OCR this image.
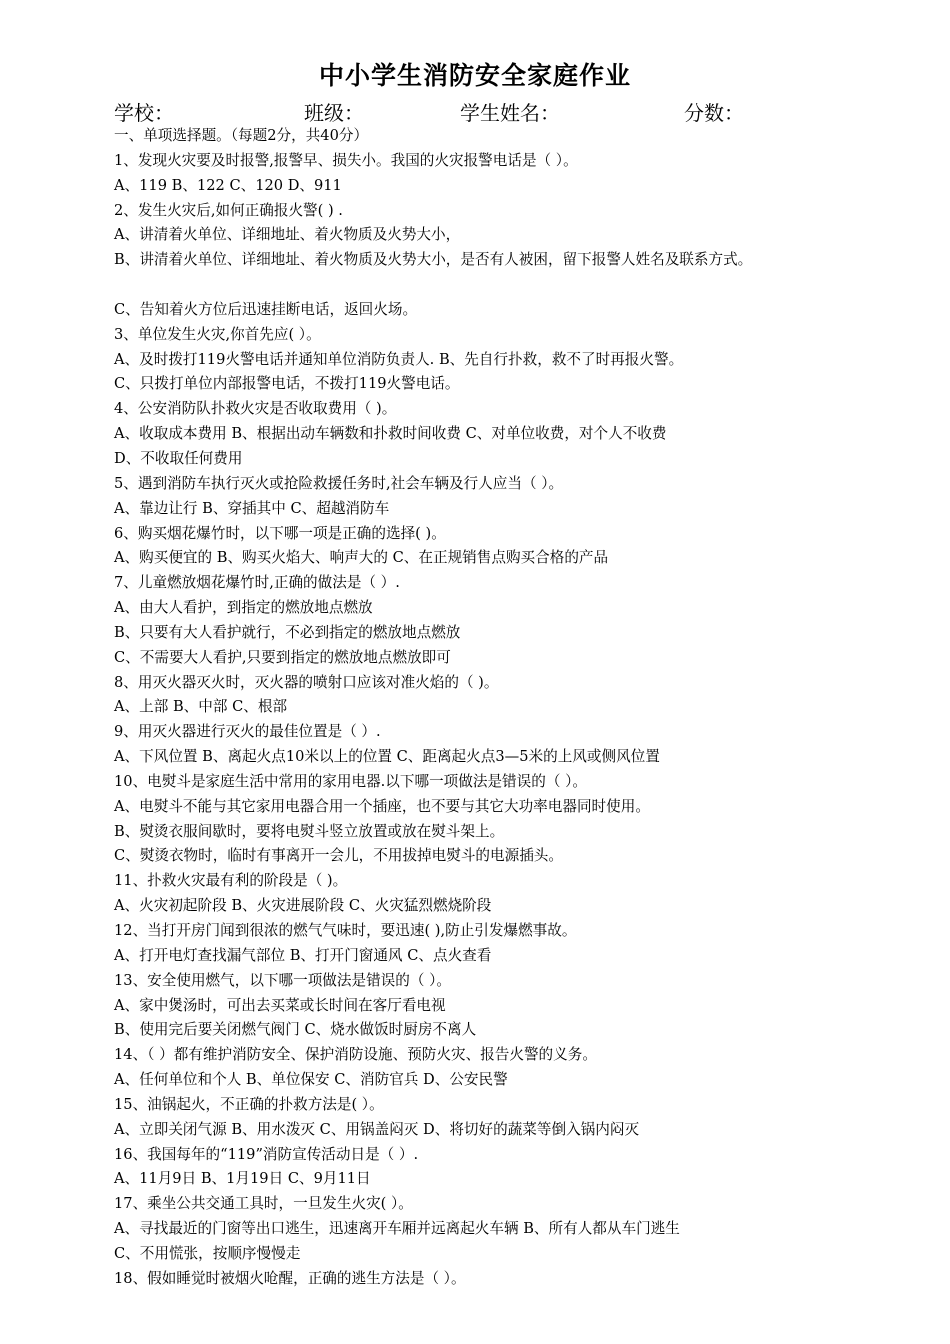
中小学生消防安全家庭作业
学校：	班级：	学生姓名：	分数：
一、单项选择题。（每题2分，共40分）
1、发现火灾要及时报警,报警早、损失小。我国的火灾报警电话是（ ）。
A、119 B、122 C、120 D、911
2、发生火灾后,如何正确报火警( ) .
A、讲清着火单位、详细地址、着火物质及火势大小，
B、讲清着火单位、详细地址、着火物质及火势大小，是否有人被困，留下报警人姓名及联系方式。
C、告知着火方位后迅速挂断电话，返回火场。
3、单位发生火灾,你首先应( ）。
A、及时拨打119火警电话并通知单位消防负责人. B、先自行扑救，救不了时再报火警。
C、只拨打单位内部报警电话，不拨打119火警电话。
4、公安消防队扑救火灾是否收取费用（ )。
A、收取成本费用 B、根据出动车辆数和扑救时间收费 C、对单位收费，对个人不收费
D、不收取任何费用
5、遇到消防车执行灭火或抢险救援任务时,社会车辆及行人应当（ ）。
A、靠边让行 B、穿插其中 C、超越消防车
6、购买烟花爆竹时，以下哪一项是正确的选择( )。
A、购买便宜的 B、购买火焰大、响声大的 C、在正规销售点购买合格的产品
7、儿童燃放烟花爆竹时,正确的做法是（ ）.
A、由大人看护，到指定的燃放地点燃放
B、只要有大人看护就行，不必到指定的燃放地点燃放
C、不需要大人看护,只要到指定的燃放地点燃放即可
8、用灭火器灭火时，灭火器的喷射口应该对准火焰的（ )。
A、上部 B、中部 C、根部
9、用灭火器进行灭火的最佳位置是（ ）.
A、下风位置 B、离起火点10米以上的位置 C、距离起火点3—5米的上风或侧风位置
10、电熨斗是家庭生活中常用的家用电器.以下哪一项做法是错误的（ ）。
A、电熨斗不能与其它家用电器合用一个插座，也不要与其它大功率电器同时使用。
B、熨烫衣服间歇时，要将电熨斗竖立放置或放在熨斗架上。
C、熨烫衣物时，临时有事离开一会儿，不用拔掉电熨斗的电源插头。
11、扑救火灾最有利的阶段是（ )。
A、火灾初起阶段 B、火灾进展阶段 C、火灾猛烈燃烧阶段
12、当打开房门闻到很浓的燃气气味时，要迅速( ),防止引发爆燃事故。
A、打开电灯查找漏气部位 B、打开门窗通风 C、点火查看
13、安全使用燃气，以下哪一项做法是错误的（ ）。
A、家中煲汤时，可出去买菜或长时间在客厅看电视
B、使用完后要关闭燃气阀门 C、烧水做饭时厨房不离人
14、（ ）都有维护消防安全、保护消防设施、预防火灾、报告火警的义务。
A、任何单位和个人 B、单位保安 C、消防官兵 D、公安民警
15、油锅起火，不正确的扑救方法是( ）。
A、立即关闭气源 B、用水泼灭 C、用锅盖闷灭 D、将切好的蔬菜等倒入锅内闷灭
16、我国每年的“119”消防宣传活动日是（ ）.
A、11月9日 B、1月19日 C、9月11日
17、乘坐公共交通工具时，一旦发生火灾( ）。
A、寻找最近的门窗等出口逃生，迅速离开车厢并远离起火车辆 B、所有人都从车门逃生
C、不用慌张，按顺序慢慢走
18、假如睡觉时被烟火呛醒，正确的逃生方法是（ ）。
